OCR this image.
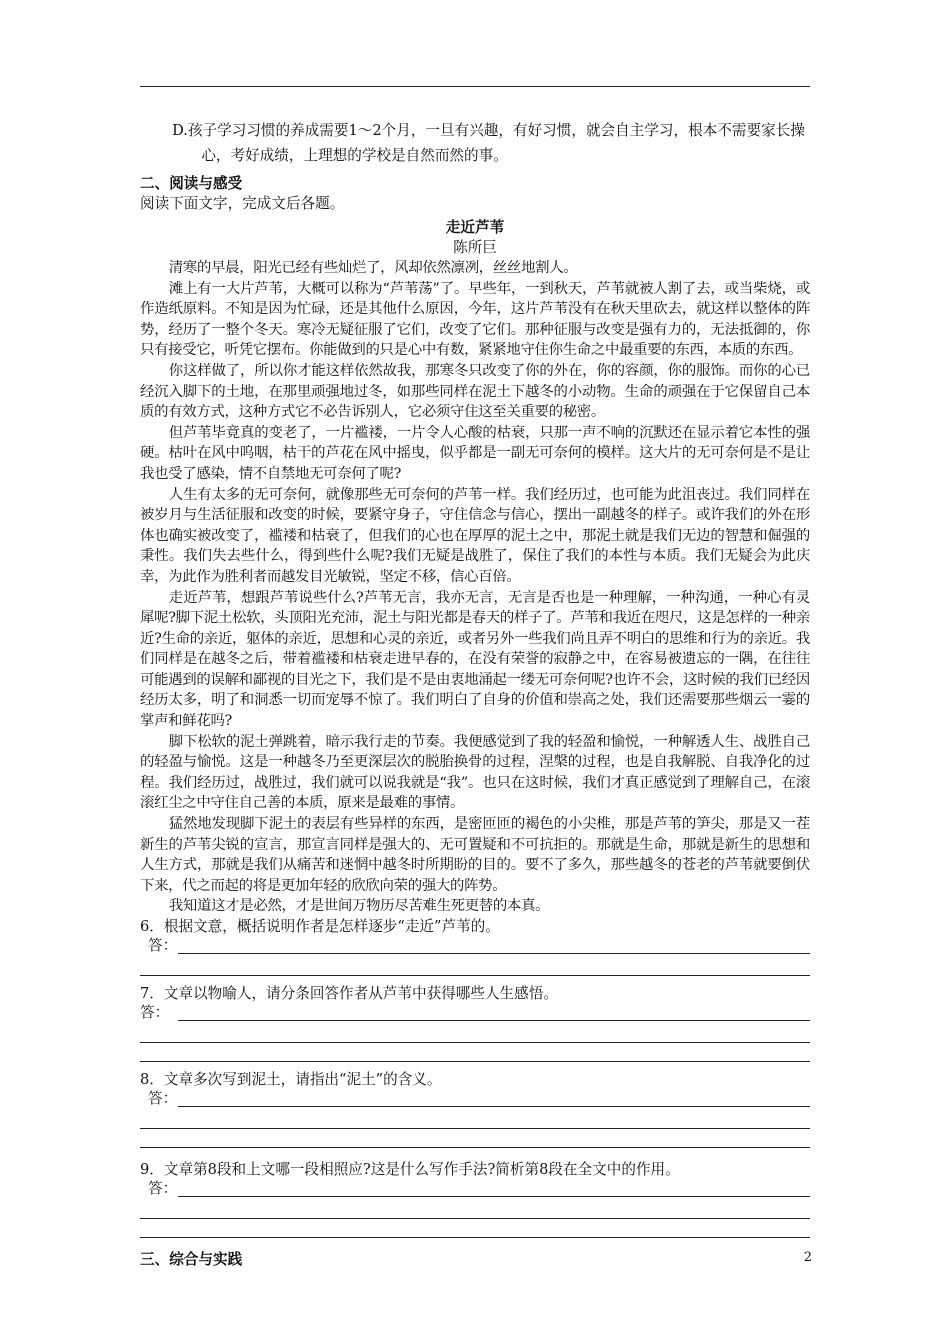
D.孩子学习习惯的养成需要1～2个月，一旦有兴趣，有好习惯，就会自主学习，根本不需要家长操心，考好成绩，上理想的学校是自然而然的事。
二、阅读与感受
阅读下面文字，完成文后各题。
走近芦苇
陈所巨

清寒的早晨，阳光已经有些灿烂了，风却依然凛冽，丝丝地割人。

滩上有一大片芦苇，大概可以称为“芦苇荡”了。早些年，一到秋天，芦苇就被人割了去，或当柴烧，或作造纸原料。不知是因为忙碌，还是其他什么原因，今年，这片芦苇没有在秋天里砍去，就这样以整体的阵势，经历了一整个冬天。寒冷无疑征服了它们，改变了它们。那种征服与改变是强有力的，无法抵御的，你只有接受它，听凭它摆布。你能做到的只是心中有数，紧紧地守住你生命之中最重要的东西，本质的东西。

你这样做了，所以你才能这样依然故我，那寒冬只改变了你的外在，你的容颜，你的服饰。而你的心已经沉入脚下的土地，在那里顽强地过冬，如那些同样在泥土下越冬的小动物。生命的顽强在于它保留自己本质的有效方式，这种方式它不必告诉别人，它必须守住这至关重要的秘密。

但芦苇毕竟真的变老了，一片褴褛，一片令人心酸的枯衰，只那一声不响的沉默还在显示着它本性的强硬。枯叶在风中呜咽，枯干的芦花在风中摇曳，似乎都是一副无可奈何的模样。这大片的无可奈何是不是让我也受了感染，情不自禁地无可奈何了呢?

人生有太多的无可奈何，就像那些无可奈何的芦苇一样。我们经历过，也可能为此沮丧过。我们同样在被岁月与生活征服和改变的时候，要紧守身子，守住信念与信心，摆出一副越冬的样子。或许我们的外在形体也确实被改变了，褴褛和枯衰了，但我们的心也在厚厚的泥土之中，那泥土就是我们无边的智慧和倔强的秉性。我们失去些什么，得到些什么呢?我们无疑是战胜了，保住了我们的本性与本质。我们无疑会为此庆幸，为此作为胜利者而越发目光敏锐，坚定不移，信心百倍。

走近芦苇，想跟芦苇说些什么?芦苇无言，我亦无言，无言是否也是一种理解，一种沟通，一种心有灵犀呢?脚下泥土松软，头顶阳光充沛，泥土与阳光都是春天的样子了。芦苇和我近在咫尺，这是怎样的一种亲近?生命的亲近，躯体的亲近，思想和心灵的亲近，或者另外一些我们尚且弄不明白的思维和行为的亲近。我们同样是在越冬之后，带着褴褛和枯衰走进早春的，在没有荣誉的寂静之中，在容易被遗忘的一隅，在往往可能遇到的误解和鄙视的目光之下，我们是不是由衷地涌起一缕无可奈何呢?也许不会，这时候的我们已经因经历太多，明了和洞悉一切而宠辱不惊了。我们明白了自身的价值和崇高之处，我们还需要那些烟云一霎的掌声和鲜花吗?

脚下松软的泥土弹跳着，暗示我行走的节奏。我便感觉到了我的轻盈和愉悦，一种解透人生、战胜自己的轻盈与愉悦。这是一种越冬乃至更深层次的脱胎换骨的过程，涅槃的过程，也是自我解脱、自我净化的过程。我们经历过，战胜过，我们就可以说我就是“我”。也只在这时候，我们才真正感觉到了理解自己，在滚滚红尘之中守住自己善的本质，原来是最难的事情。

猛然地发现脚下泥土的表层有些异样的东西，是密匝匝的褐色的小尖椎，那是芦苇的笋尖，那是又一茬新生的芦苇尖锐的宣言，那宣言同样是强大的、无可置疑和不可抗拒的。那就是生命，那就是新生的思想和人生方式，那就是我们从痛苦和迷惘中越冬时所期盼的目的。要不了多久，那些越冬的苍老的芦苇就要倒伏下来，代之而起的将是更加年轻的欣欣向荣的强大的阵势。

我知道这才是必然，才是世间万物历尽苦难生死更替的本真。

6．根据文意，概括说明作者是怎样逐步“走近”芦苇的。
答：
7．文章以物喻人，请分条回答作者从芦苇中获得哪些人生感悟。
答：
8．文章多次写到泥土，请指出“泥土”的含义。
答：
9．文章第8段和上文哪一段相照应?这是什么写作手法?简析第8段在全文中的作用。
答：
三、综合与实践	2
